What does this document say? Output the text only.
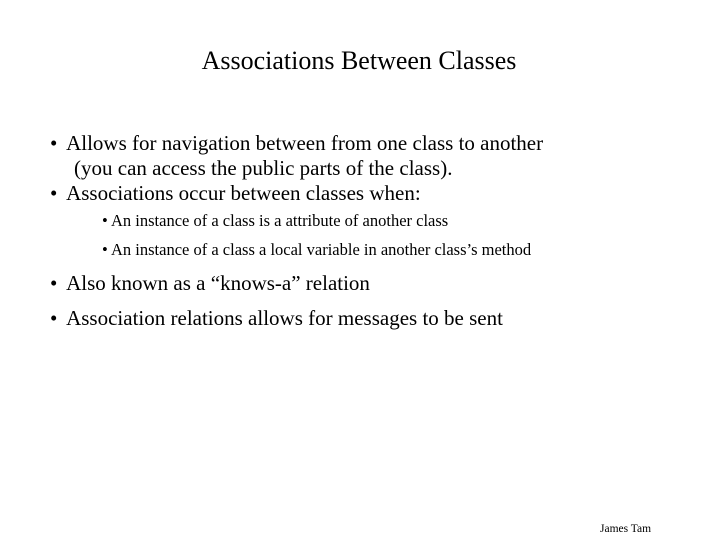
Associations Between Classes
• Allows for navigation between from one class to another
(you can access the public parts of the class).
• Associations occur between classes when:
• An instance of a class is a attribute of another class
• An instance of a class a local variable in another class’s method
• Also known as a “knows-a” relation
• Association relations allows for messages to be sent
James Tam
